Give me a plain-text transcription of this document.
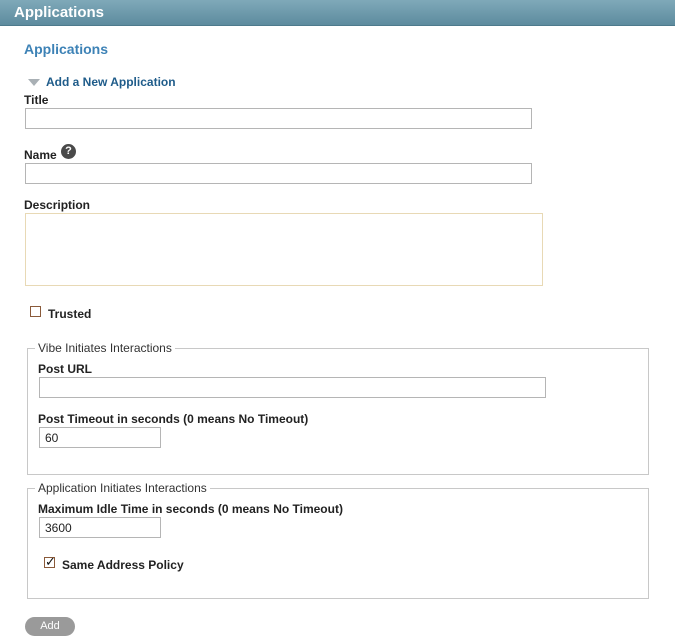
Applications
Applications
Add a New Application
Title
Name ?
Description
Trusted
Vibe Initiates Interactions
Post URL
Post Timeout in seconds (0 means No Timeout)
60
Application Initiates Interactions
Maximum Idle Time in seconds (0 means No Timeout)
3600
✓ Same Address Policy
Add
